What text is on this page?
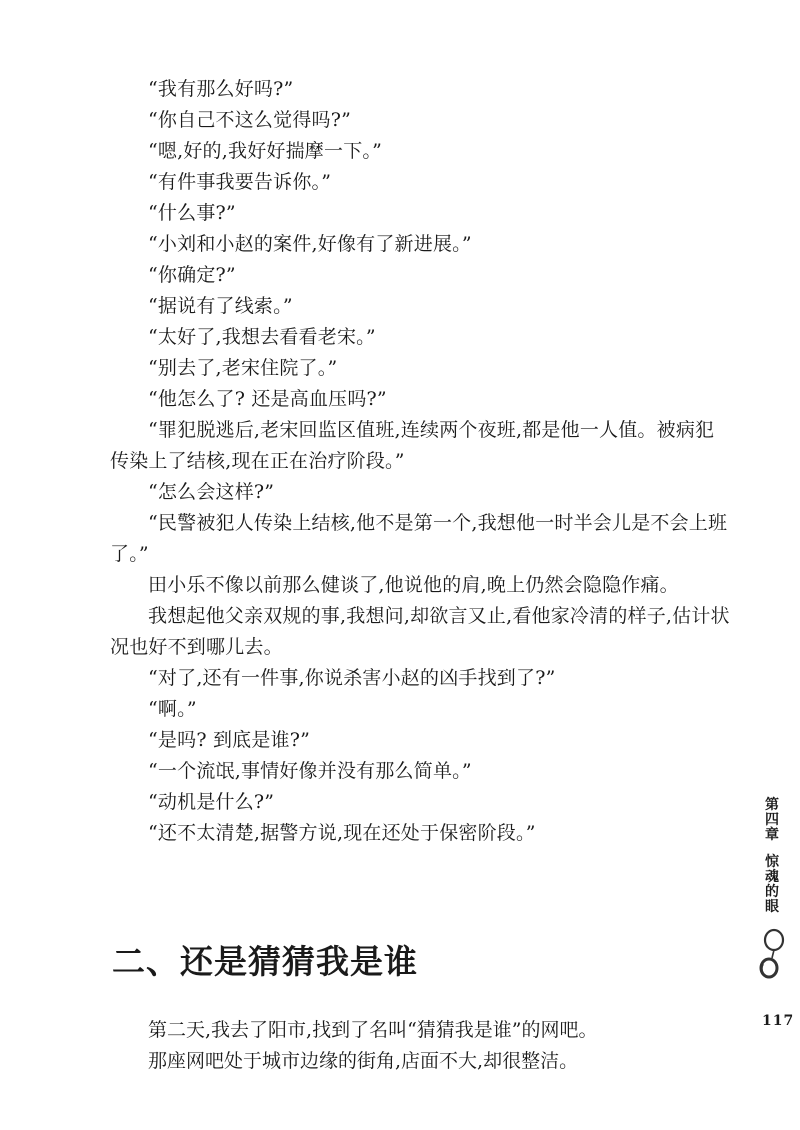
“我有那么好吗?”

“你自己不这么觉得吗?”

“嗯,好的,我好好揣摩一下。”

“有件事我要告诉你。”

“什么事?”

“小刘和小赵的案件,好像有了新进展。”

“你确定?”

“据说有了线索。”

“太好了,我想去看看老宋。”

“别去了,老宋住院了。”

“他怎么了? 还是高血压吗?”

“罪犯脱逃后,老宋回监区值班,连续两个夜班,都是他一人值。被病犯传染上了结核,现在正在治疗阶段。”

“怎么会这样?”

“民警被犯人传染上结核,他不是第一个,我想他一时半会儿是不会上班了。”

田小乐不像以前那么健谈了,他说他的肩,晚上仍然会隐隐作痛。

我想起他父亲双规的事,我想问,却欲言又止,看他家冷清的样子,估计状况也好不到哪儿去。

“对了,还有一件事,你说杀害小赵的凶手找到了?”

“啊。”

“是吗? 到底是谁?”

“一个流氓,事情好像并没有那么简单。”

“动机是什么?”

“还不太清楚,据警方说,现在还处于保密阶段。”

二、还是猜猜我是谁

第二天,我去了阳市,找到了名叫“猜猜我是谁”的网吧。

那座网吧处于城市边缘的街角,店面不大,却很整洁。

第四章
惊魂的眼
117
